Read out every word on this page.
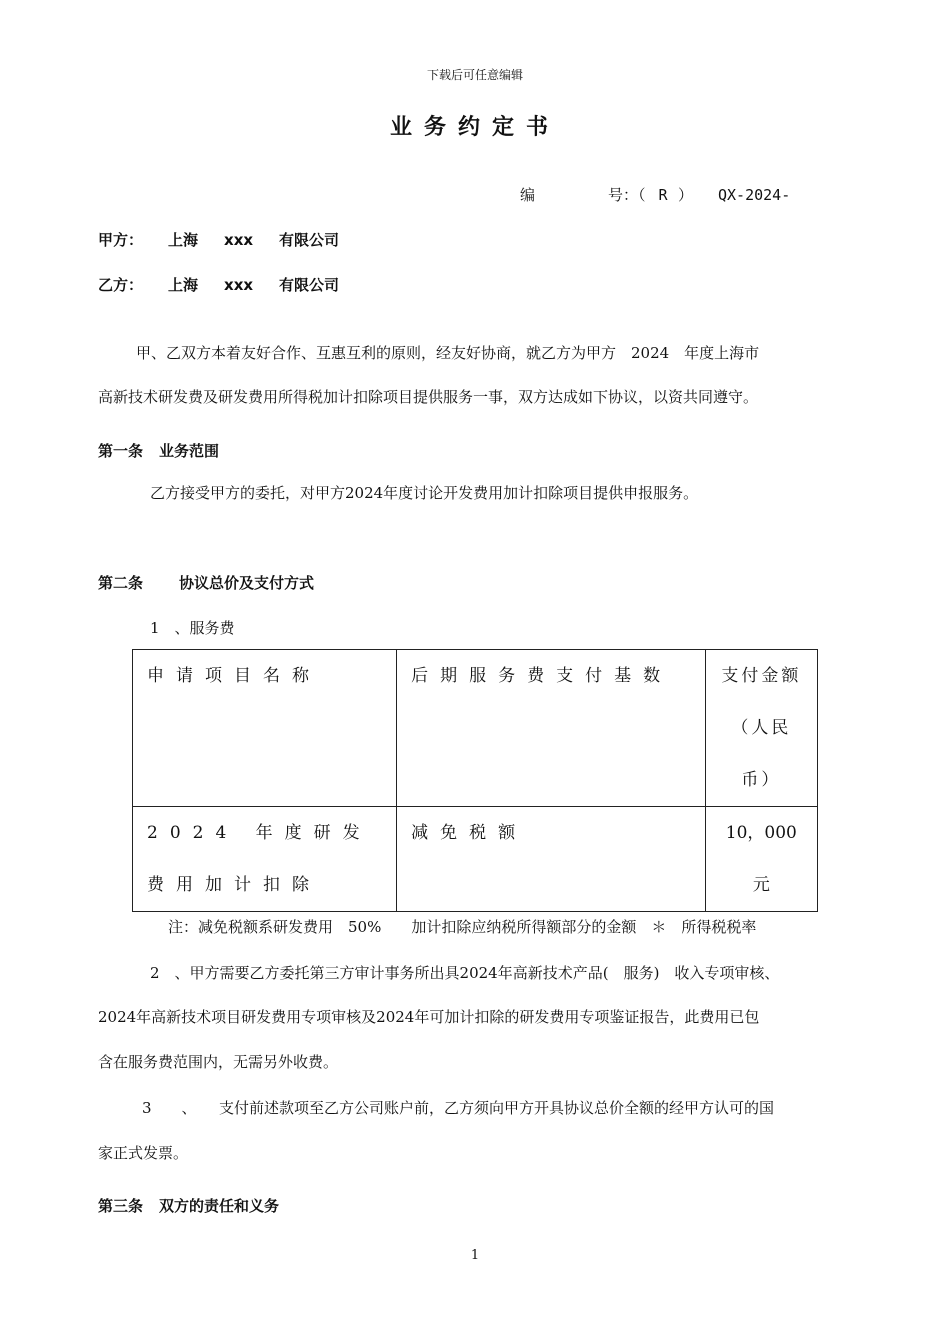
下载后可任意编辑
业务约定书
编	号：（ R ） QX-2024-
甲方： 上海 xxx 有限公司
乙方： 上海 xxx 有限公司
甲、乙双方本着友好合作、互惠互利的原则，经友好协商，就乙方为甲方　2024　年度上海市
高新技术研发费及研发费用所得税加计扣除项目提供服务一事，双方达成如下协议，以资共同遵守。
第一条 业务范围
乙方接受甲方的委托，对甲方2024年度讨论开发费用加计扣除项目提供申报服务。
第二条 协议总价及支付方式
1　、服务费
申请项目名称	后期服务费支付基数	支付金额（人民币）
2024 年度研发费用加计扣除	减免税额	10，000 元
注：减免税额系研发费用　50%　　加计扣除应纳税所得额部分的金额　＊　所得税税率
2　、甲方需要乙方委托第三方审计事务所出具2024年高新技术产品(　服务)　收入专项审核、
2024年高新技术项目研发费用专项审核及2024年可加计扣除的研发费用专项鉴证报告，此费用已包
含在服务费范围内，无需另外收费。
3　　、　　支付前述款项至乙方公司账户前，乙方须向甲方开具协议总价全额的经甲方认可的国
家正式发票。
第三条 双方的责任和义务
1
